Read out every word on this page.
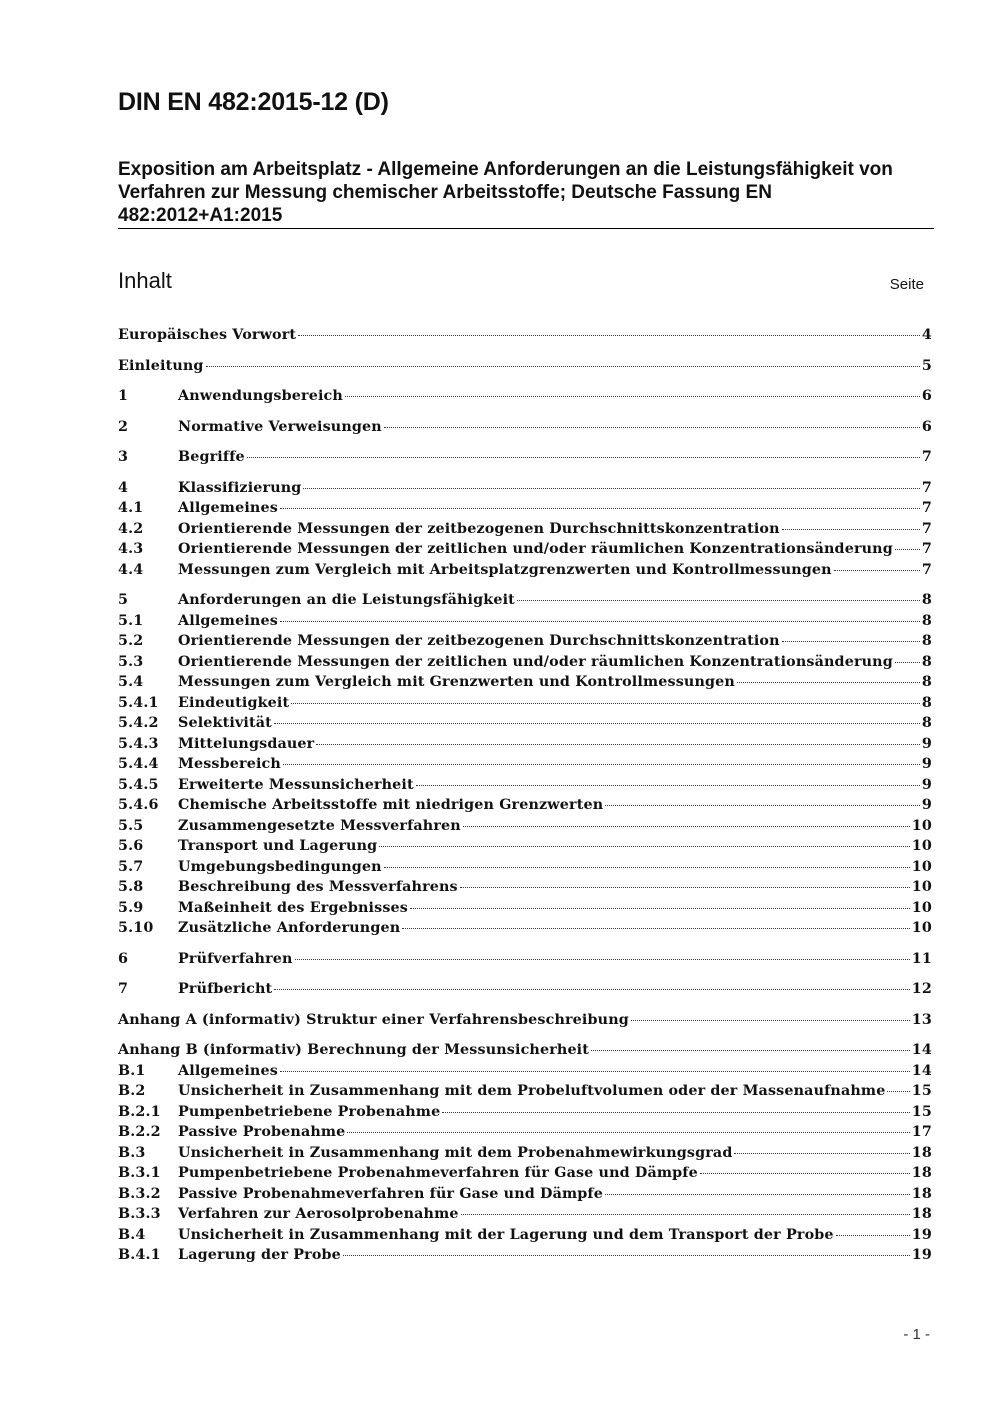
DIN EN 482:2015-12 (D)
Exposition am Arbeitsplatz - Allgemeine Anforderungen an die Leistungsfähigkeit von Verfahren zur Messung chemischer Arbeitsstoffe; Deutsche Fassung EN 482:2012+A1:2015
Inhalt	Seite
Europäisches Vorwort	4
Einleitung	5
1	Anwendungsbereich	6
2	Normative Verweisungen	6
3	Begriffe	7
4	Klassifizierung	7
4.1	Allgemeines	7
4.2	Orientierende Messungen der zeitbezogenen Durchschnittskonzentration	7
4.3	Orientierende Messungen der zeitlichen und/oder räumlichen Konzentrationsänderung 7
4.4	Messungen zum Vergleich mit Arbeitsplatzgrenzwerten und Kontrollmessungen	7
5	Anforderungen an die Leistungsfähigkeit	8
5.1	Allgemeines	8
5.2	Orientierende Messungen der zeitbezogenen Durchschnittskonzentration	8
5.3	Orientierende Messungen der zeitlichen und/oder räumlichen Konzentrationsänderung 8
5.4	Messungen zum Vergleich mit Grenzwerten und Kontrollmessungen	8
5.4.1	Eindeutigkeit	8
5.4.2	Selektivität	8
5.4.3	Mittelungsdauer	9
5.4.4	Messbereich	9
5.4.5	Erweiterte Messunsicherheit	9
5.4.6	Chemische Arbeitsstoffe mit niedrigen Grenzwerten	9
5.5	Zusammengesetzte Messverfahren	10
5.6	Transport und Lagerung	10
5.7	Umgebungsbedingungen	10
5.8	Beschreibung des Messverfahrens	10
5.9	Maßeinheit des Ergebnisses	10
5.10	Zusätzliche Anforderungen	10
6	Prüfverfahren	11
7	Prüfbericht	12
Anhang A (informativ) Struktur einer Verfahrensbeschreibung	13
Anhang B (informativ) Berechnung der Messunsicherheit	14
B.1	Allgemeines	14
B.2	Unsicherheit in Zusammenhang mit dem Probeluftvolumen oder der Massenaufnahme 15
B.2.1	Pumpenbetriebene Probenahme	15
B.2.2	Passive Probenahme	17
B.3	Unsicherheit in Zusammenhang mit dem Probenahmewirkungsgrad	18
B.3.1	Pumpenbetriebene Probenahmeverfahren für Gase und Dämpfe	18
B.3.2	Passive Probenahmeverfahren für Gase und Dämpfe	18
B.3.3	Verfahren zur Aerosolprobenahme	18
B.4	Unsicherheit in Zusammenhang mit der Lagerung und dem Transport der Probe	19
B.4.1	Lagerung der Probe	19
- 1 -
